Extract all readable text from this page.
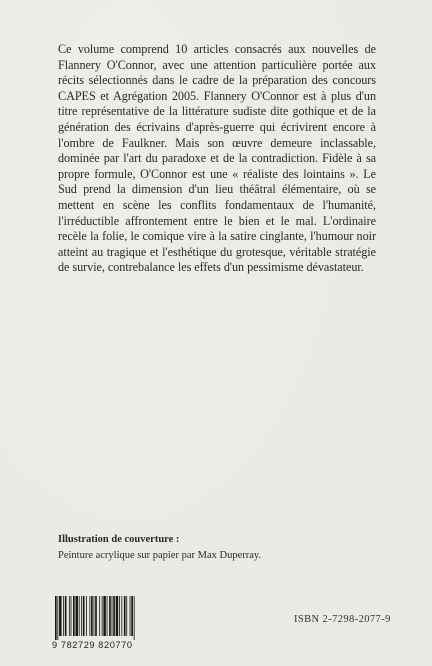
Ce volume comprend 10 articles consacrés aux nouvelles de Flannery O'Connor, avec une attention particulière portée aux récits sélectionnés dans le cadre de la préparation des concours CAPES et Agrégation 2005. Flannery O'Connor est à plus d'un titre représentative de la littérature sudiste dite gothique et de la génération des écrivains d'après-guerre qui écrivirent encore à l'ombre de Faulkner. Mais son œuvre demeure inclassable, dominée par l'art du paradoxe et de la contradiction. Fidèle à sa propre formule, O'Connor est une « réaliste des lointains ». Le Sud prend la dimension d'un lieu théâtral élémentaire, où se mettent en scène les conflits fondamentaux de l'humanité, l'irréductible affrontement entre le bien et le mal. L'ordinaire recèle la folie, le comique vire à la satire cinglante, l'humour noir atteint au tragique et l'esthétique du grotesque, véritable stratégie de survie, contrebalance les effets d'un pessimisme dévastateur.

Illustration de couverture :
Peinture acrylique sur papier par Max Duperray.
9 782729 820770
ISBN 2-7298-2077-9
